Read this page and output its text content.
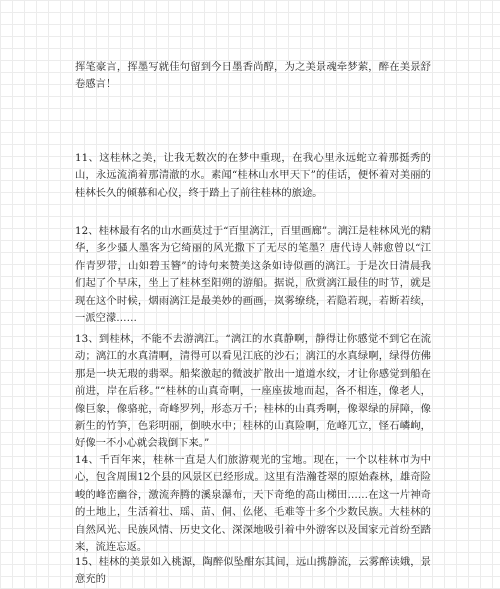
挥笔豪言，挥墨写就佳句留到今日墨香尚醇，为之美景魂牵梦萦，醉在美景舒卷感言！

11、这桂林之美，让我无数次的在梦中重现，在我心里永远蛇立着那挺秀的山，永远流淌着那清澈的水。素闻“桂林山水甲天下”的佳话，便怀着对美丽的桂林长久的倾慕和心仪，终于踏上了前往桂林的旅途。

12、桂林最有名的山水画莫过于“百里漓江，百里画廊”。漓江是桂林风光的精华，多少骚人墨客为它绮丽的风光撒下了无尽的笔墨？唐代诗人韩愈曾以“江作青罗带，山如碧玉簪”的诗句来赞美这条如诗似画的漓江。于是次日清晨我们起了个早床，坐上了桂林至阳朔的游船。据说，欣赏漓江最佳的时节，就是现在这个时候，烟雨漓江是最美妙的画画，岚雾缭绕，若隐若现，若断若续，一派空濛……

13、到桂林，不能不去游漓江。“漓江的水真静啊，静得让你感觉不到它在流动；漓江的水真清啊，清得可以看见江底的沙石；漓江的水真绿啊，绿得仿佛那是一块无瑕的翡翠。船桨激起的微波扩散出一道道水纹，才让你感觉到船在前进，岸在后移。”“桂林的山真奇啊，一座座拔地而起，各不相连，像老人，像巨象，像骆驼，奇峰罗列，形态万千；桂林的山真秀啊，像翠绿的屏障，像新生的竹笋，色彩明丽，倒映水中；桂林的山真险啊，危峰兀立，怪石嶙峋，好像一不小心就会栽倒下来。”

14、千百年来，桂林一直是人们旅游观光的宝地。现在，一个以桂林市为中心，包含周围12个县的风景区已经形成。这里有浩瀚苍翠的原始森林，雄奇险峻的峰峦幽谷，激流奔腾的溪泉瀑布，天下奇绝的高山梯田……在这一片神奇的土地上，生活着壮、瑶、苗、侗、仫佬、毛难等十多个少数民族。大桂林的自然风光、民族风情、历史文化、深深地吸引着中外游客以及国家元首纷至踏来，流连忘返。

15、桂林的美景如入桃源，陶醉似坠酣东其间，远山携静流，云雾醉读娥，景意充的
